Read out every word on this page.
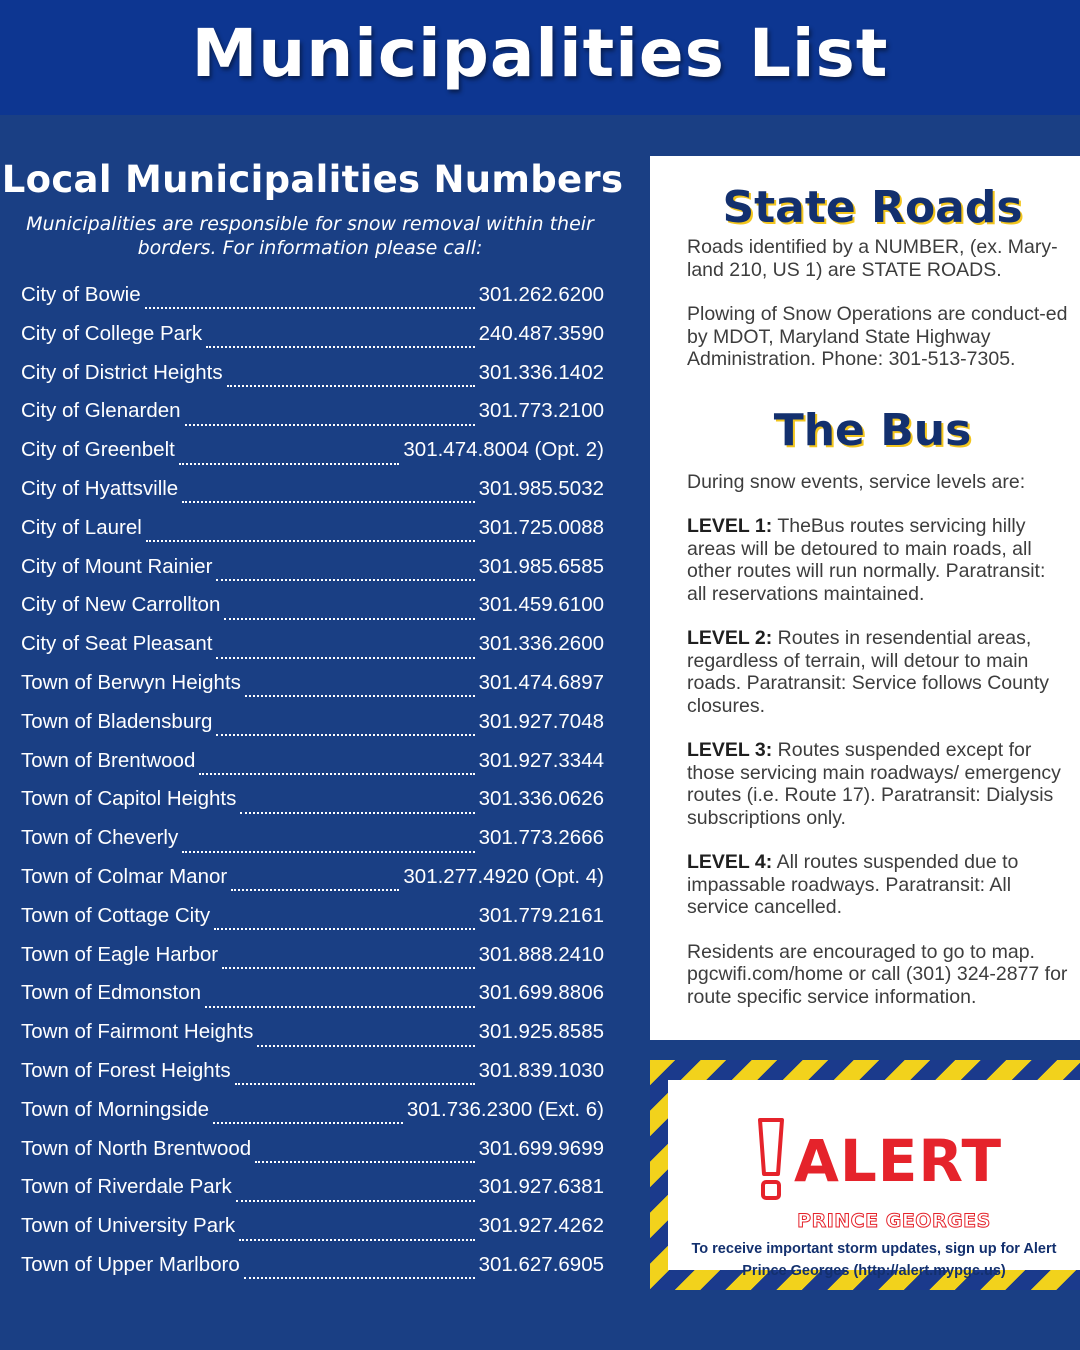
Municipalities List
Local Municipalities Numbers

Municipalities are responsible for snow removal within their borders. For information please call:

City of Bowie	301.262.6200
City of College Park	240.487.3590
City of District Heights	301.336.1402
City of Glenarden	301.773.2100
City of Greenbelt	301.474.8004 (Opt. 2)
City of Hyattsville	301.985.5032
City of Laurel	301.725.0088
City of Mount Rainier	301.985.6585
City of New Carrollton	301.459.6100
City of Seat Pleasant	301.336.2600
Town of Berwyn Heights	301.474.6897
Town of Bladensburg	301.927.7048
Town of Brentwood	301.927.3344
Town of Capitol Heights	301.336.0626
Town of Cheverly	301.773.2666
Town of Colmar Manor	301.277.4920 (Opt. 4)
Town of Cottage City	301.779.2161
Town of Eagle Harbor	301.888.2410
Town of Edmonston	301.699.8806
Town of Fairmont Heights	301.925.8585
Town of Forest Heights	301.839.1030
Town of Morningside	301.736.2300 (Ext. 6)
Town of North Brentwood	301.699.9699
Town of Riverdale Park	301.927.6381
Town of University Park	301.927.4262
Town of Upper Marlboro	301.627.6905
State Roads

Roads identified by a NUMBER, (ex. Mary-land 210, US 1) are STATE ROADS.

Plowing of Snow Operations are conduct-ed by MDOT, Maryland State Highway Administration. Phone: 301-513-7305.

The Bus

During snow events, service levels are:

LEVEL 1: TheBus routes servicing hilly areas will be detoured to main roads, all other routes will run normally. Paratransit: all reservations maintained.

LEVEL 2: Routes in resendential areas, regardless of terrain, will detour to main roads. Paratransit: Service follows County closures.

LEVEL 3: Routes suspended except for those servicing main roadways/ emergency routes (i.e. Route 17). Paratransit: Dialysis subscriptions only.

LEVEL 4: All routes suspended due to impassable roadways. Paratransit: All service cancelled.

Residents are encouraged to go to map. pgcwifi.com/home or call (301) 324-2877 for route specific service information.

ALERT
PRINCE GEORGES
To receive important storm updates, sign up for Alert Prince Georges (http://alert.mypgc.us)
